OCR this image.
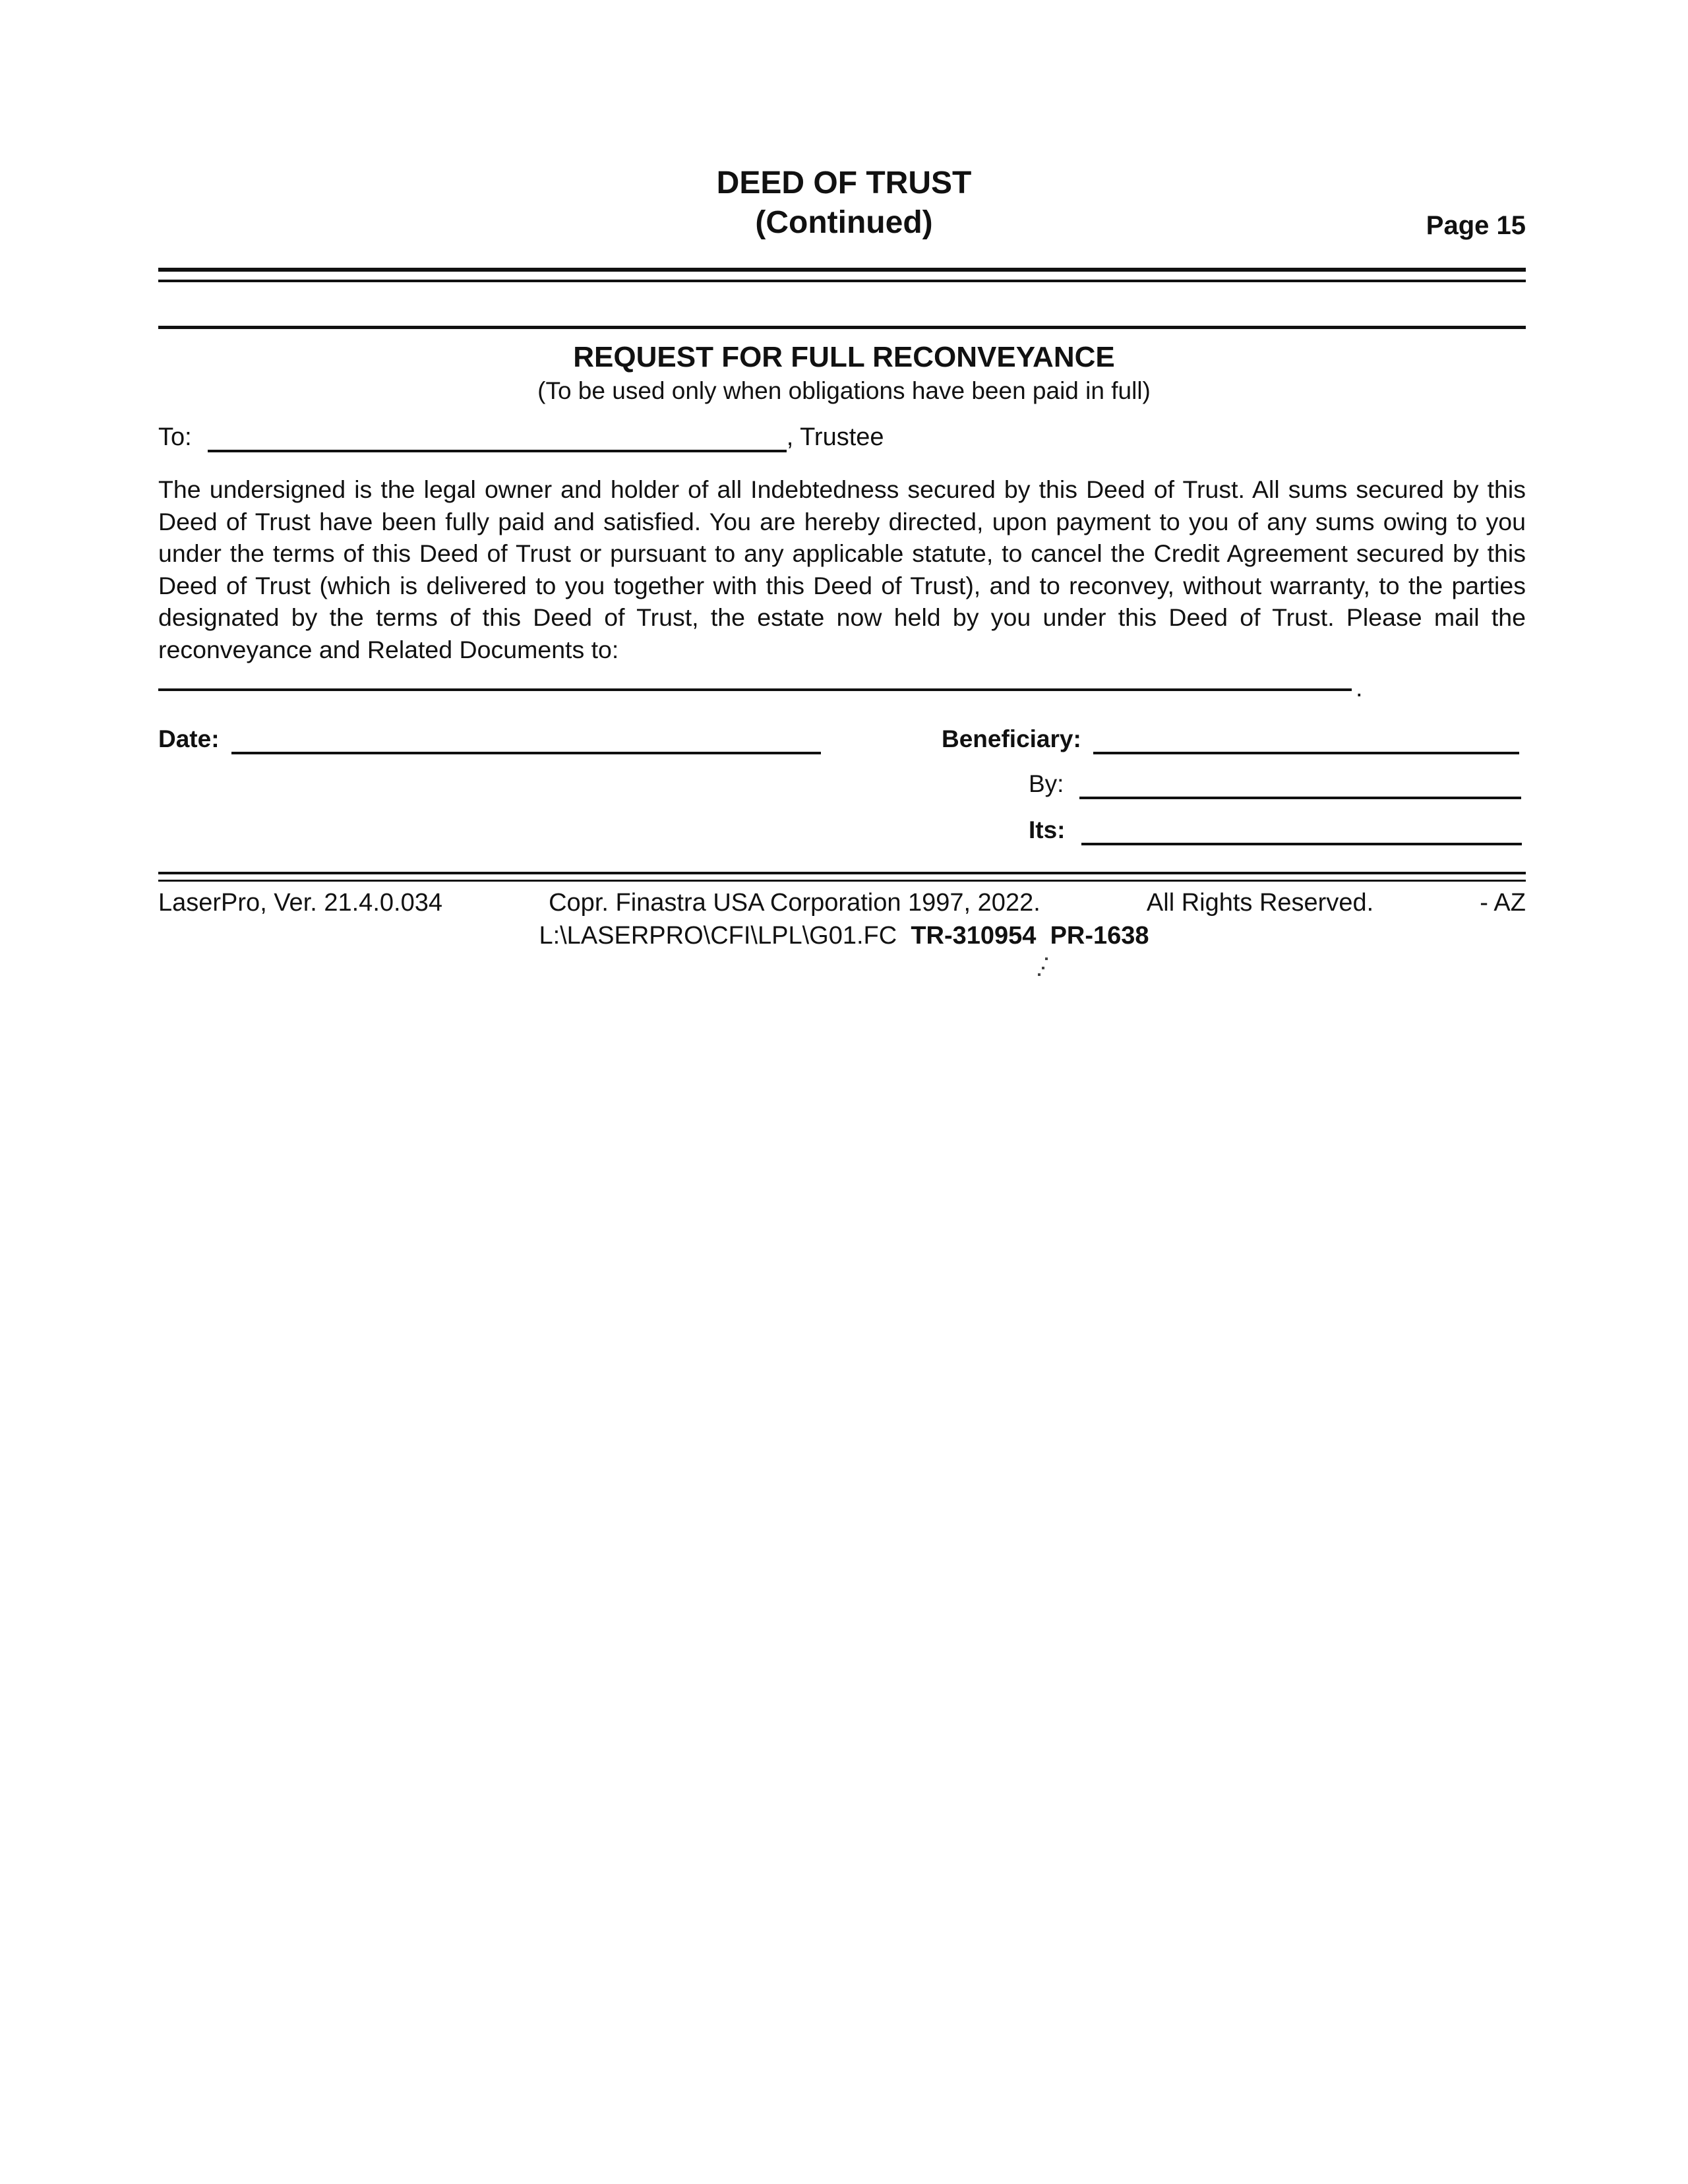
DEED OF TRUST
(Continued)	Page 15
REQUEST FOR FULL RECONVEYANCE
(To be used only when obligations have been paid in full)
To:	, Trustee
The undersigned is the legal owner and holder of all Indebtedness secured by this Deed of Trust. All sums secured by this Deed of Trust have been fully paid and satisfied. You are hereby directed, upon payment to you of any sums owing to you under the terms of this Deed of Trust or pursuant to any applicable statute, to cancel the Credit Agreement secured by this Deed of Trust (which is delivered to you together with this Deed of Trust), and to reconvey, without warranty, to the parties designated by the terms of this Deed of Trust, the estate now held by you under this Deed of Trust. Please mail the reconveyance and Related Documents to:
.
Date:	Beneficiary:
By:
Its:
LaserPro, Ver. 21.4.0.034	Copr. Finastra USA Corporation 1997, 2022.	All Rights Reserved.	- AZ
L:\LASERPRO\CFI\LPL\G01.FC TR-310954 PR-1638
